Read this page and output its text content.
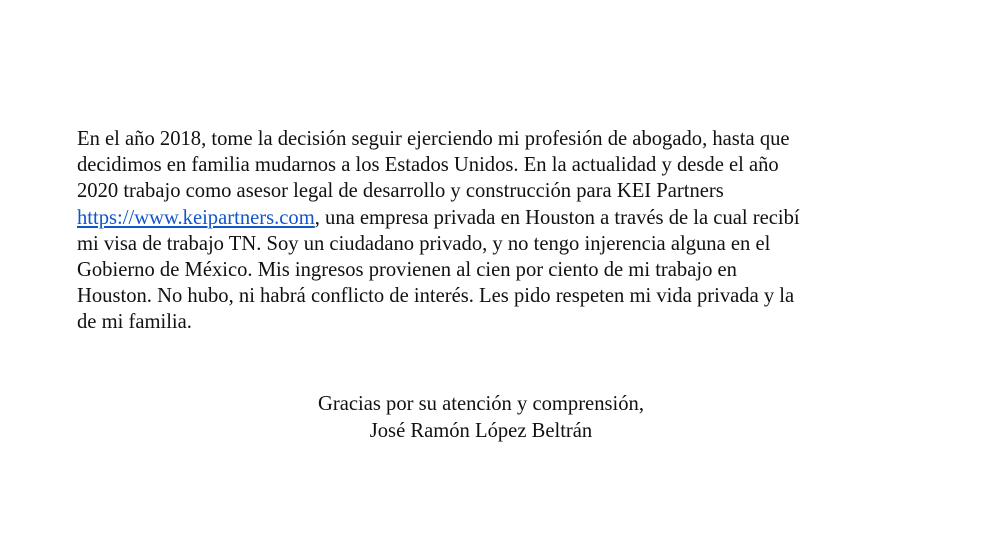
En el año 2018, tome la decisión seguir ejerciendo mi profesión de abogado, hasta que
decidimos en familia mudarnos a los Estados Unidos. En la actualidad y desde el año
2020 trabajo como asesor legal de desarrollo y construcción para KEI Partners
https://www.keipartners.com, una empresa privada en Houston a través de la cual recibí
mi visa de trabajo TN. Soy un ciudadano privado, y no tengo injerencia alguna en el
Gobierno de México. Mis ingresos provienen al cien por ciento de mi trabajo en
Houston. No hubo, ni habrá conflicto de interés. Les pido respeten mi vida privada y la
de mi familia.

Gracias por su atención y comprensión,
José Ramón López Beltrán
